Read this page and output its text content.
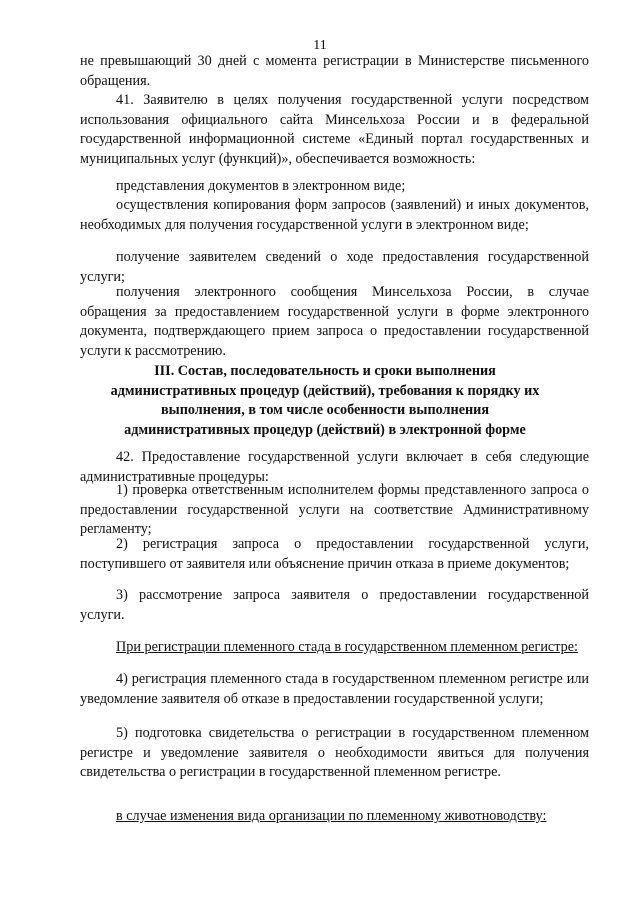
11

не превышающий 30 дней с момента регистрации в Министерстве письменного обращения.

41. Заявителю в целях получения государственной услуги посредством использования официального сайта Минсельхоза России и в федеральной государственной информационной системе «Единый портал государственных и муниципальных услуг (функций)», обеспечивается возможность:

представления документов в электронном виде;

осуществления копирования форм запросов (заявлений) и иных документов, необходимых для получения государственной услуги в электронном виде;

получение заявителем сведений о ходе предоставления государственной услуги;

получения электронного сообщения Минсельхоза России, в случае обращения за предоставлением государственной услуги в форме электронного документа, подтверждающего прием запроса о предоставлении государственной услуги к рассмотрению.

III. Состав, последовательность и сроки выполнения административных процедур (действий), требования к порядку их выполнения, в том числе особенности выполнения административных процедур (действий) в электронной форме

42. Предоставление государственной услуги включает в себя следующие административные процедуры:

1) проверка ответственным исполнителем формы представленного запроса о предоставлении государственной услуги на соответствие Административному регламенту;

2) регистрация запроса о предоставлении государственной услуги, поступившего от заявителя или объяснение причин отказа в приеме документов;

3) рассмотрение запроса заявителя о предоставлении государственной услуги.

При регистрации племенного стада в государственном племенном регистре:

4) регистрация племенного стада в государственном племенном регистре или уведомление заявителя об отказе в предоставлении государственной услуги;

5) подготовка свидетельства о регистрации в государственном племенном регистре и уведомление заявителя о необходимости явиться для получения свидетельства о регистрации в государственной племенном регистре.

в случае изменения вида организации по племенному животноводству:
